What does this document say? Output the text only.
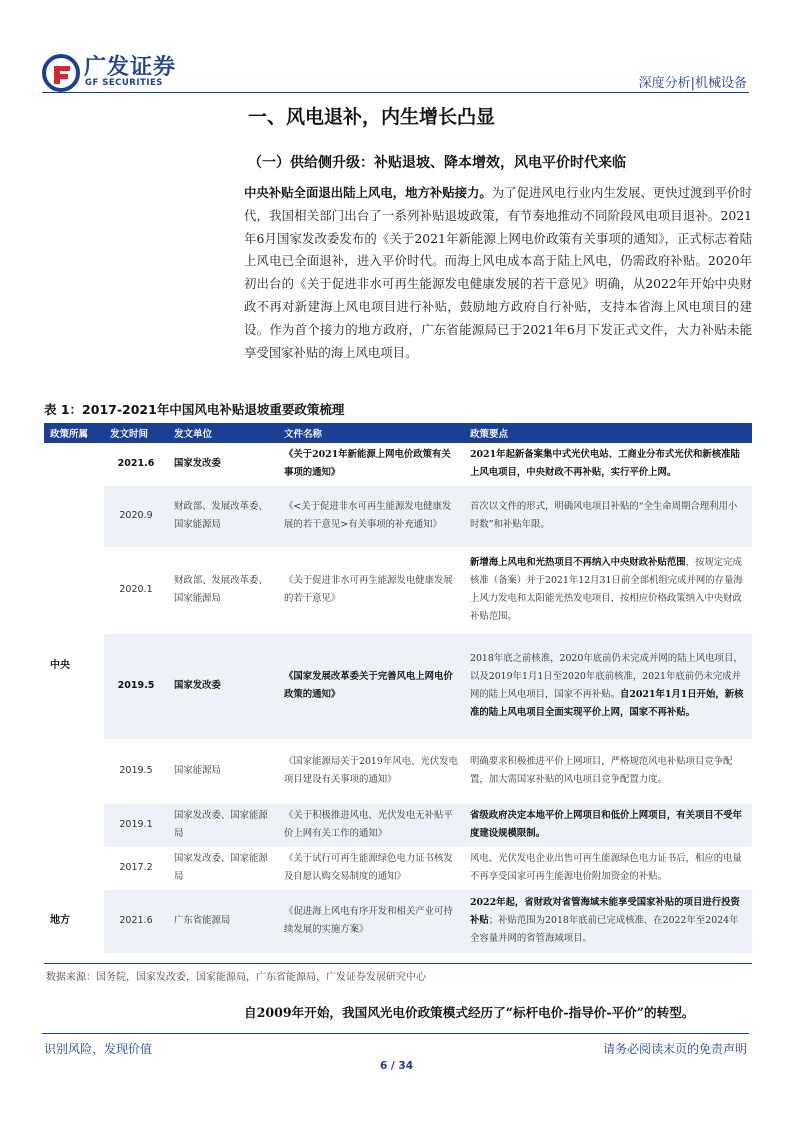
广发证券
GF SECURITIES	深度分析|机械设备
一、风电退补，内生增长凸显
（一）供给侧升级：补贴退坡、降本增效，风电平价时代来临
中央补贴全面退出陆上风电，地方补贴接力。为了促进风电行业内生发展、更快过渡到平价时代，我国相关部门出台了一系列补贴退坡政策，有节奏地推动不同阶段风电项目退补。2021年6月国家发改委发布的《关于2021年新能源上网电价政策有关事项的通知》，正式标志着陆上风电已全面退补，进入平价时代。而海上风电成本高于陆上风电，仍需政府补贴。2020年初出台的《关于促进非水可再生能源发电健康发展的若干意见》明确，从2022年开始中央财政不再对新建海上风电项目进行补贴，鼓励地方政府自行补贴，支持本省海上风电项目的建设。作为首个接力的地方政府，广东省能源局已于2021年6月下发正式文件，大力补贴未能享受国家补贴的海上风电项目。
表 1：2017-2021年中国风电补贴退坡重要政策梳理
政策所属	发文时间	发文单位	文件名称	政策要点
中央	2021.6	国家发改委	《关于2021年新能源上网电价政策有关事项的通知》	2021年起新备案集中式光伏电站、工商业分布式光伏和新核准陆上风电项目，中央财政不再补贴，实行平价上网。
	2020.9	财政部、发展改革委、国家能源局	《<关于促进非水可再生能源发电健康发展的若干意见>有关事项的补充通知》	首次以文件的形式，明确风电项目补贴的“全生命周期合理利用小时数”和补贴年限。
	2020.1	财政部、发展改革委、国家能源局	《关于促进非水可再生能源发电健康发展的若干意见》	新增海上风电和光热项目不再纳入中央财政补贴范围，按规定完成核准（备案）并于2021年12月31日前全部机组完成并网的存量海上风力发电和太阳能光热发电项目，按相应价格政策纳入中央财政补贴范围。
	2019.5	国家发改委	《国家发展改革委关于完善风电上网电价政策的通知》	2018年底之前核准，2020年底前仍未完成并网的陆上风电项目，以及2019年1月1日至2020年底前核准，2021年底前仍未完成并网的陆上风电项目，国家不再补贴。自2021年1月1日开始，新核准的陆上风电项目全面实现平价上网，国家不再补贴。
	2019.5	国家能源局	《国家能源局关于2019年风电、光伏发电项目建设有关事项的通知》	明确要求积极推进平价上网项目，严格规范风电补贴项目竞争配置，加大需国家补贴的风电项目竞争配置力度。
	2019.1	国家发改委、国家能源局	《关于积极推进风电、光伏发电无补贴平价上网有关工作的通知》	省级政府决定本地平价上网项目和低价上网项目，有关项目不受年度建设规模限制。
	2017.2	国家发改委、国家能源局	《关于试行可再生能源绿色电力证书核发及自愿认购交易制度的通知》	风电、光伏发电企业出售可再生能源绿色电力证书后，相应的电量不再享受国家可再生能源电价附加资金的补贴。
地方	2021.6	广东省能源局	《促进海上风电有序开发和相关产业可持续发展的实施方案》	2022年起，省财政对省管海域未能享受国家补贴的项目进行投资补贴；补贴范围为2018年底前已完成核准、在2022年至2024年全容量并网的省管海域项目。
数据来源：国务院，国家发改委，国家能源局，广东省能源局，广发证券发展研究中心
自2009年开始，我国风光电价政策模式经历了“标杆电价-指导价-平价”的转型。
识别风险，发现价值	请务必阅读末页的免责声明
6 / 34
